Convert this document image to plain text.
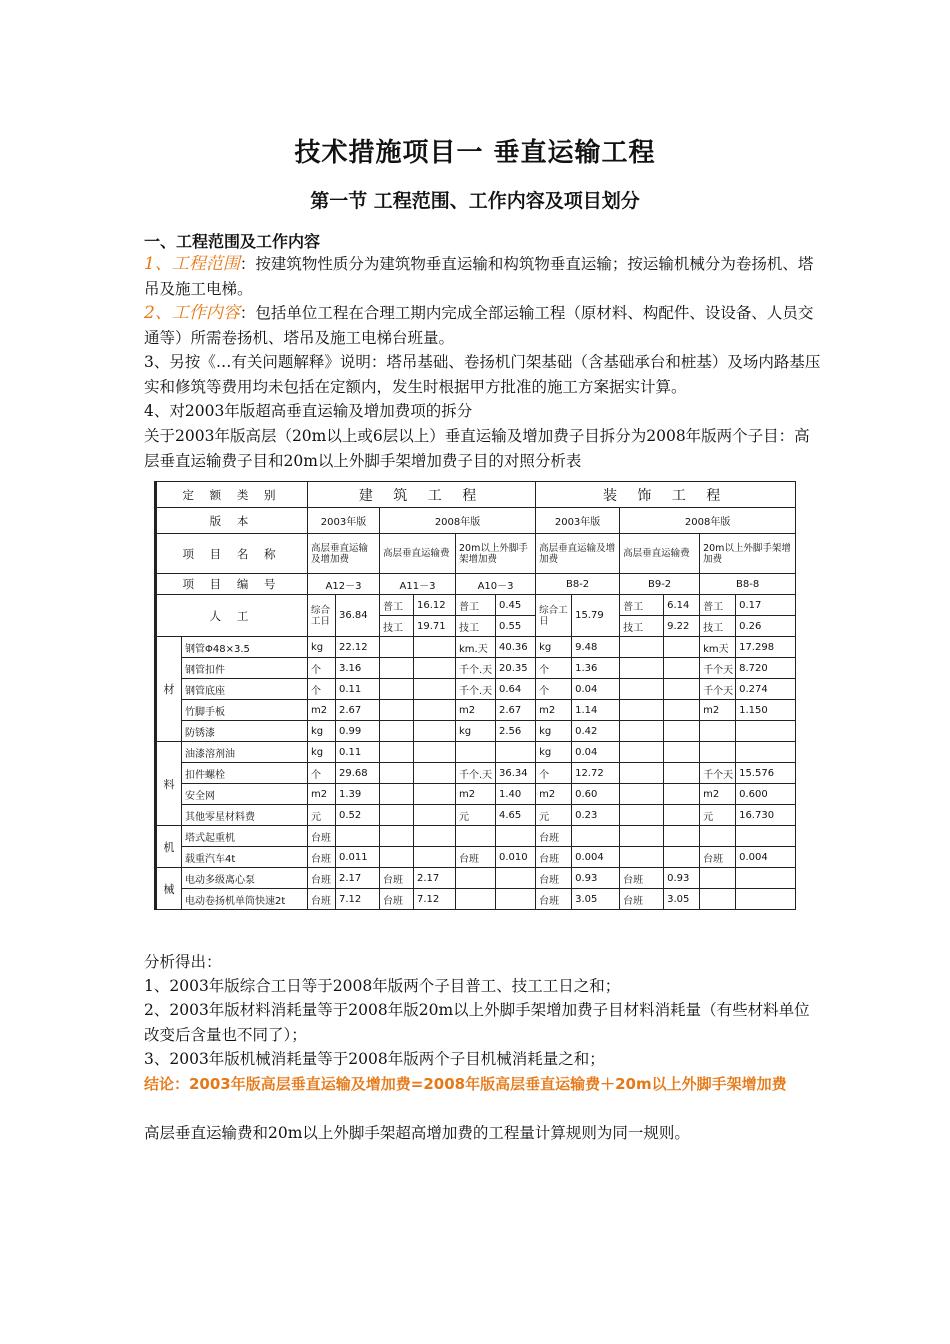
技术措施项目一 垂直运输工程
第一节 工程范围、工作内容及项目划分
一、工程范围及工作内容
1、工程范围：按建筑物性质分为建筑物垂直运输和构筑物垂直运输；按运输机械分为卷扬机、塔吊及施工电梯。
2、工作内容：包括单位工程在合理工期内完成全部运输工程（原材料、构配件、设设备、人员交通等）所需卷扬机、塔吊及施工电梯台班量。
3、另按《…有关问题解释》说明：塔吊基础、卷扬机门架基础（含基础承台和桩基）及场内路基压实和修筑等费用均未包括在定额内，发生时根据甲方批准的施工方案据实计算。
4、对2003年版超高垂直运输及增加费项的拆分
关于2003年版高层（20m以上或6层以上）垂直运输及增加费子目拆分为2008年版两个子目：高层垂直运输费子目和20m以上外脚手架增加费子目的对照分析表
定 额 类 别		建 筑 工 程						装 饰 工 程					
版 本		2003年版		2008年版				2003年版		2008年版			
项 目 名 称		高层垂直运输及增加费		高层垂直运输费		20m以上外脚手架增加费		高层垂直运输及增加费		高层垂直运输费		20m以上外脚手架增加费	
项 目 编 号		A12－3		A11－3		A10－3		B8-2		B9-2		B8-8	
人 工		综合工日	36.84	普工	16.12	普工	0.45	综合工日	15.79	普工	6.14	普工	0.17
				技工	19.71	技工	0.55			技工	9.22	技工	0.26
材	钢管Φ48×3.5	kg	22.12			km.天	40.36	kg	9.48			km天	17.298
	钢管扣件	个	3.16			千个.天	20.35	个	1.36			千个天	8.720
	钢管底座	个	0.11			千个.天	0.64	个	0.04			千个天	0.274
	竹脚手板	m2	2.67			m2	2.67	m2	1.14			m2	1.150
	防锈漆	kg	0.99			kg	2.56	kg	0.42				
料	油漆溶剂油	kg	0.11					kg	0.04				
	扣件螺栓	个	29.68			千个.天	36.34	个	12.72			千个天	15.576
	安全网	m2	1.39			m2	1.40	m2	0.60			m2	0.600
	其他零星材料费	元	0.52			元	4.65	元	0.23			元	16.730
机	塔式起重机	台班						台班					
	载重汽车4t	台班	0.011			台班	0.010	台班	0.004			台班	0.004
械	电动多级离心泵	台班	2.17	台班	2.17			台班	0.93	台班	0.93		
	电动卷扬机单筒快速2t	台班	7.12	台班	7.12			台班	3.05	台班	3.05		
分析得出：
1、2003年版综合工日等于2008年版两个子目普工、技工工日之和；
2、2003年版材料消耗量等于2008年版20m以上外脚手架增加费子目材料消耗量（有些材料单位改变后含量也不同了）；
3、2003年版机械消耗量等于2008年版两个子目机械消耗量之和；
结论：2003年版高层垂直运输及增加费=2008年版高层垂直运输费＋20m以上外脚手架增加费
高层垂直运输费和20m以上外脚手架超高增加费的工程量计算规则为同一规则。
